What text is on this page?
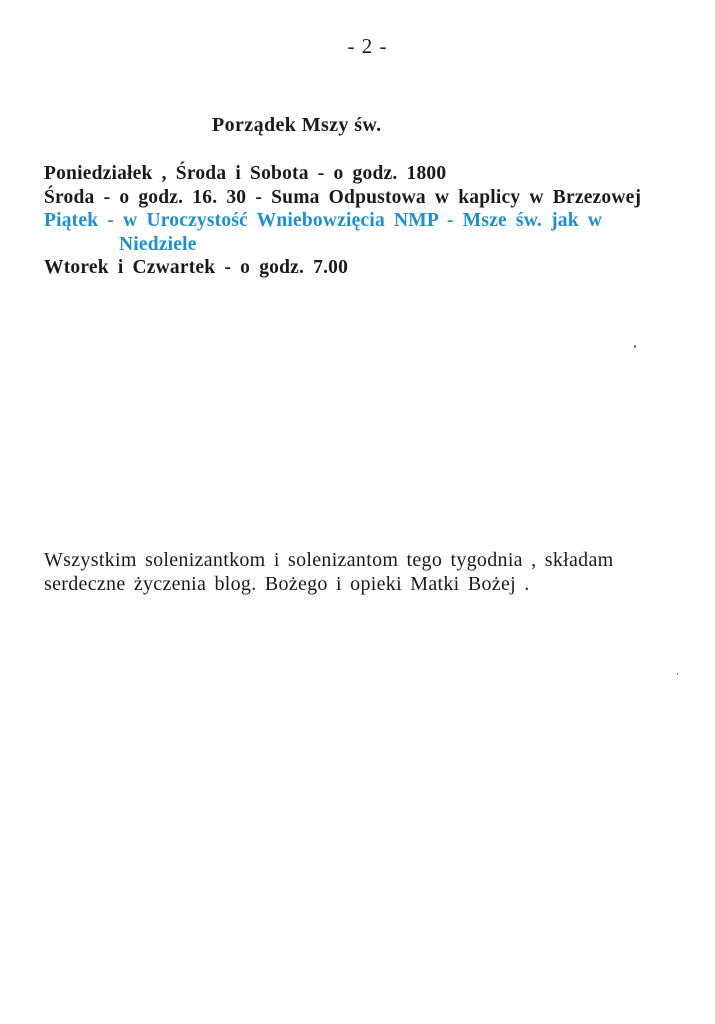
- 2 -
Porządek Mszy św.
Poniedziałek , Środa i Sobota - o godz. 1800
Środa - o godz. 16. 30 - Suma Odpustowa w kaplicy w Brzezowej
Piątek - w Uroczystość Wniebowzięcia NMP - Msze św. jak w Niedziele
Wtorek i Czwartek - o godz. 7.00
Wszystkim solenizantkom i solenizantom tego tygodnia , składam serdeczne życzenia blog. Bożego i opieki Matki Bożej .
